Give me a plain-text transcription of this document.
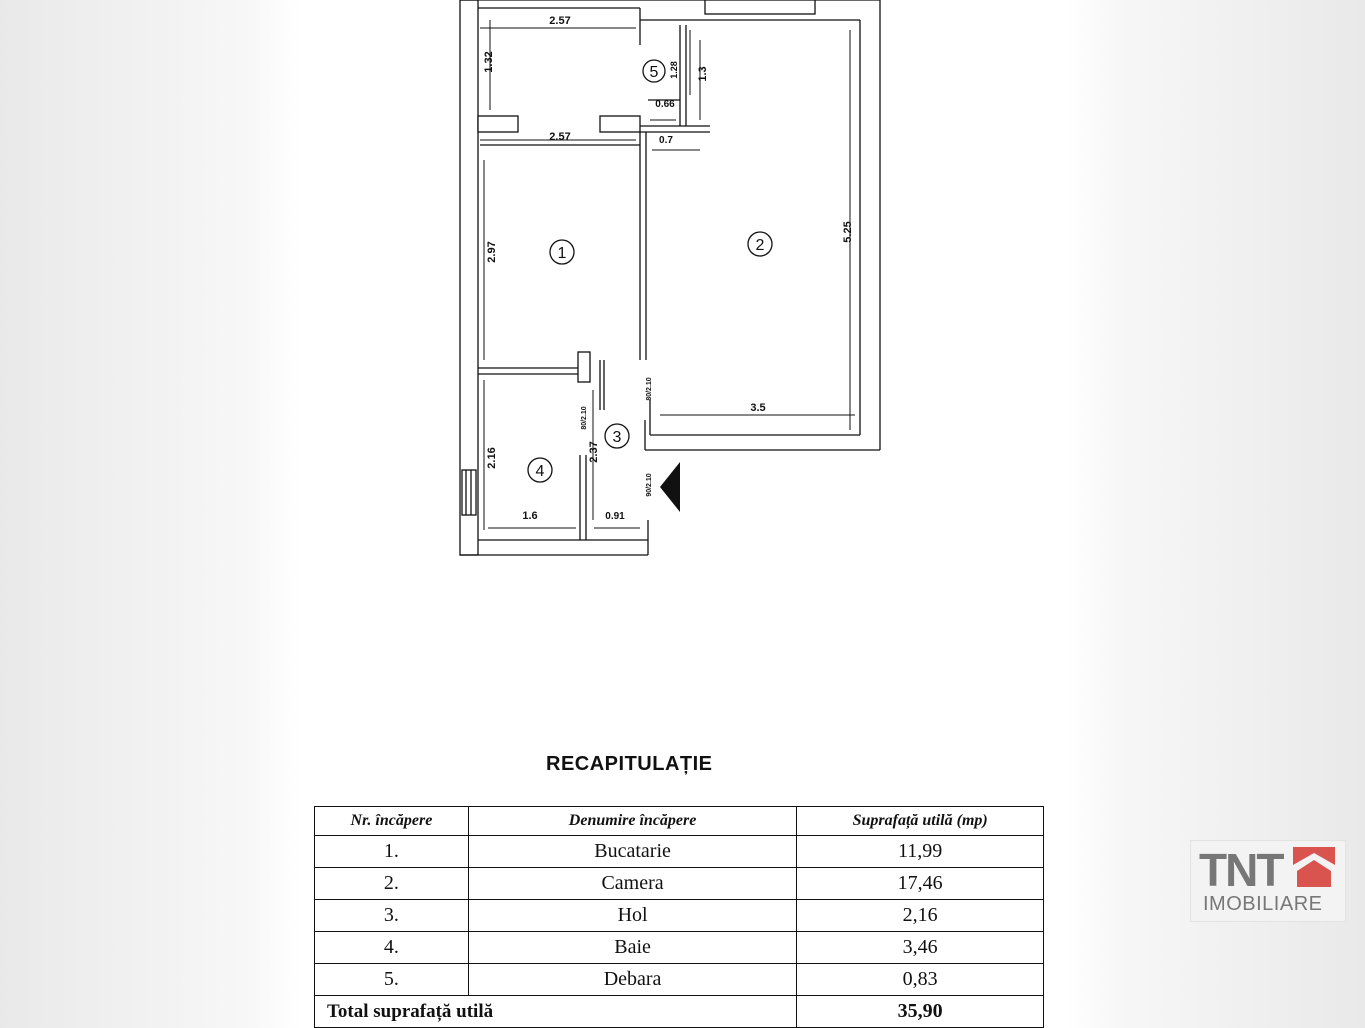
1	2
3
4
5
2.57
1.32	1.28 1.3
0.66
2.57	0.7
2.97
5.25
3.5
2.16	2.37
1.6	0.91
80/2.10
80/2.10
90/2.10
RECAPITULAȚIE
Nr. încăpere	Denumire încăpere	Suprafață utilă (mp)
1.	Bucatarie	11,99
2.	Camera	17,46
3.	Hol	2,16
4.	Baie	3,46
5.	Debara	0,83
Total suprafață utilă		35,90
TNT
IMOBILIARE
